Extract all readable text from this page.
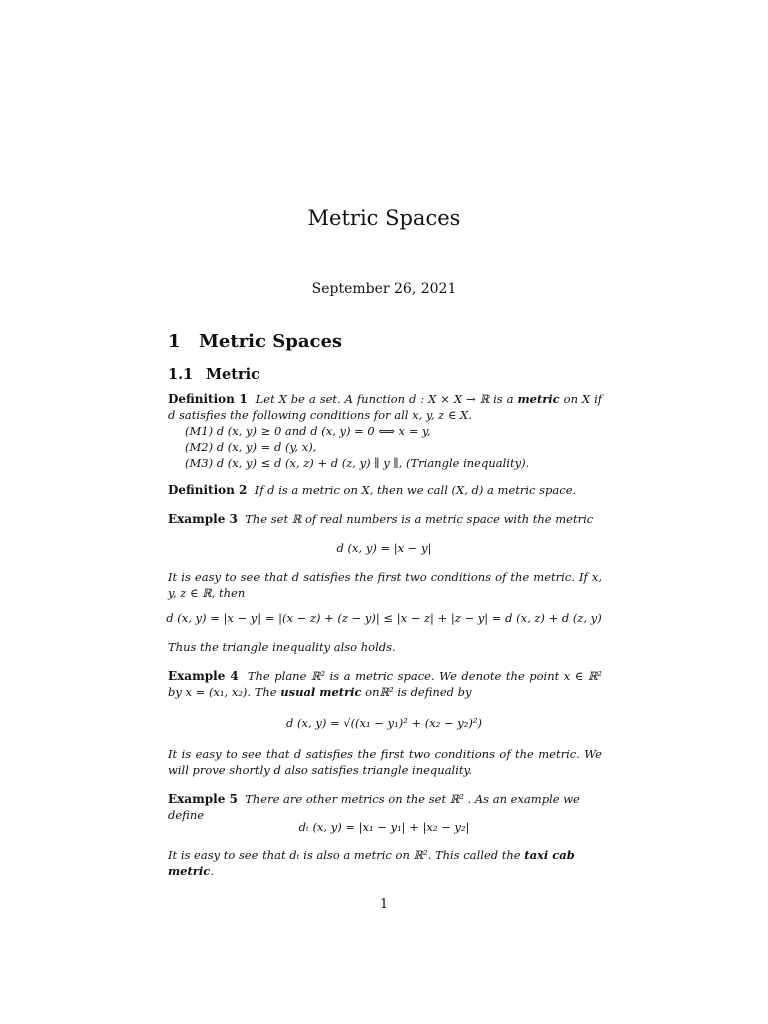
Metric Spaces
September 26, 2021
1 Metric Spaces
1.1 Metric
Definition 1 Let X be a set. A function d : X × X → ℝ is a metric on X if d satisfies the following conditions for all x, y, z ∈ X.
(M1) d (x, y) ≥ 0 and d (x, y) = 0 ⟺ x = y,
(M2) d (x, y) = d (y, x),
(M3) d (x, y) ≤ d (x, z) + d (z, y) ∥ y ∥, (Triangle inequality).
Definition 2 If d is a metric on X, then we call (X, d) a metric space.
Example 3 The set ℝ of real numbers is a metric space with the metric
d (x, y) = |x − y|
It is easy to see that d satisfies the first two conditions of the metric. If x, y, z ∈ ℝ, then
d (x, y) = |x − y| = |(x − z) + (z − y)| ≤ |x − z| + |z − y| = d (x, z) + d (z, y)
Thus the triangle inequality also holds.
Example 4 The plane ℝ² is a metric space. We denote the point x ∈ ℝ² by x = (x₁, x₂). The usual metric onℝ² is defined by
d (x, y) = √((x₁ − y₁)² + (x₂ − y₂)²)
It is easy to see that d satisfies the first two conditions of the metric. We will prove shortly d also satisfies triangle inequality.
Example 5 There are other metrics on the set ℝ² . As an example we define
dₜ (x, y) = |x₁ − y₁| + |x₂ − y₂|
It is easy to see that dₜ is also a metric on ℝ². This called the taxi cab metric.
1
